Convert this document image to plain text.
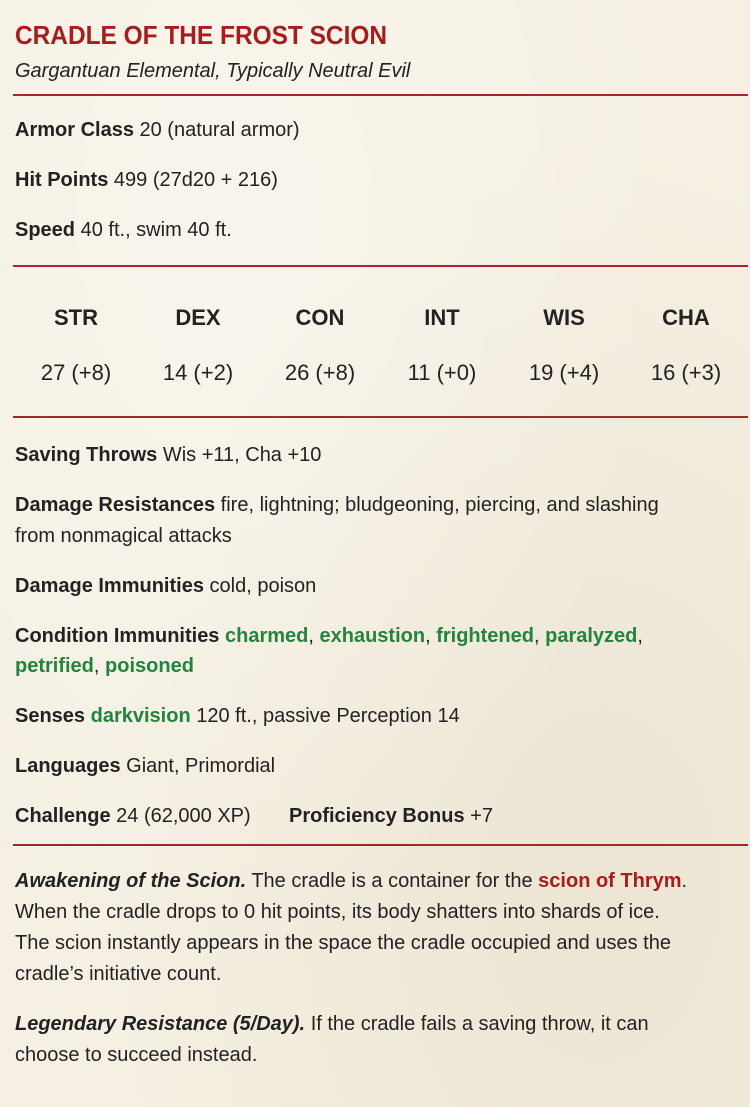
CRADLE OF THE FROST SCION
Gargantuan Elemental, Typically Neutral Evil
Armor Class 20 (natural armor)
Hit Points 499 (27d20 + 216)
Speed 40 ft., swim 40 ft.
STR	DEX	CON	INT	WIS	CHA
27 (+8)	14 (+2)	26 (+8)	11 (+0)	19 (+4)	16 (+3)
Saving Throws Wis +11, Cha +10
Damage Resistances fire, lightning; bludgeoning, piercing, and slashing
from nonmagical attacks
Damage Immunities cold, poison
Condition Immunities charmed, exhaustion, frightened, paralyzed,
petrified, poisoned
Senses darkvision 120 ft., passive Perception 14
Languages Giant, Primordial
Challenge 24 (62,000 XP) Proficiency Bonus +7
Awakening of the Scion. The cradle is a container for the scion of Thrym.
When the cradle drops to 0 hit points, its body shatters into shards of ice.
The scion instantly appears in the space the cradle occupied and uses the
cradle’s initiative count.
Legendary Resistance (5/Day). If the cradle fails a saving throw, it can
choose to succeed instead.
